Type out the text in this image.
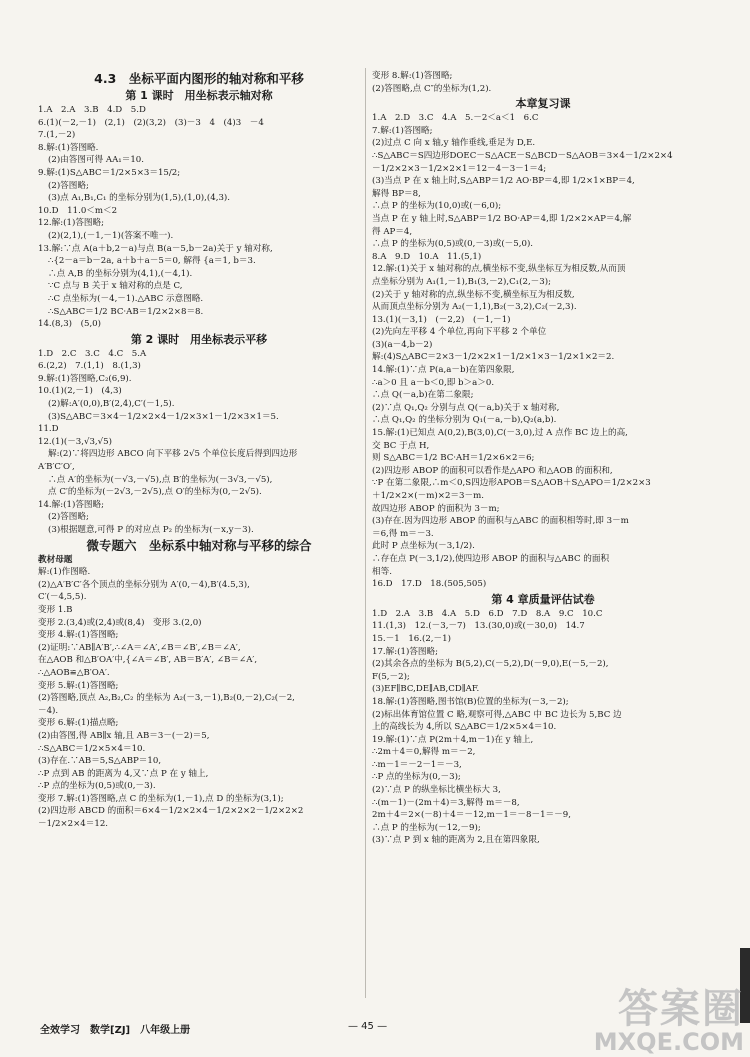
4.3　坐标平面内图形的轴对称和平移
第 1 课时　用坐标表示轴对称
1.A　2.A　3.B　4.D　5.D
6.(1)(－2,－1)　(2,1)　(2)(3,2)　(3)－3　4　(4)3　－4
7.(1,－2)
8.解:(1)答图略.
(2)由答图可得 AA₁＝10.
9.解:(1)S△ABC＝1/2×5×3＝15/2;
(2)答图略;
(3)点 A₁,B₁,C₁ 的坐标分别为(1,5),(1,0),(4,3).
10.D　11.0＜m＜2
12.解:(1)答图略;
(2)(2,1),(－1,－1)(答案不唯一).
13.解:∵点 A(a＋b,2－a)与点 B(a－5,b－2a)关于 y 轴对称,
∴{2－a＝b－2a, a＋b＋a－5＝0, 解得 {a＝1, b＝3.
∴点 A,B 的坐标分别为(4,1),(－4,1).
∵C 点与 B 关于 x 轴对称的点是 C,
∴C 点坐标为(－4,－1).△ABC 示意图略.
∴S△ABC＝1/2 BC·AB＝1/2×2×8＝8.
14.(8,3)　(5,0)
第 2 课时　用坐标表示平移
1.D　2.C　3.C　4.C　5.A
6.(2,2)　7.(1,1)　8.(1,3)
9.解:(1)答图略,C₂(6,9).
10.(1)(2,－1)　(4,3)
(2)解:A′(0,0),B′(2,4),C′(－1,5).
(3)S△ABC＝3×4－1/2×2×4－1/2×3×1－1/2×3×1＝5.
11.D
12.(1)(－3,√3,√5)
解:(2)∵将四边形 ABCO 向下平移 2√5 个单位长度后得到四边形
A′B′C′O′,
∴点 A′的坐标为(－√3,－√5),点 B′的坐标为(－3√3,－√5),
点 C′的坐标为(－2√3,－2√5),点 O′的坐标为(0,－2√5).
14.解:(1)答图略;
(2)答图略;
(3)根据题意,可得 P 的对应点 P₂ 的坐标为(－x,y－3).
微专题六　坐标系中轴对称与平移的综合
教材母题
解:(1)作图略.
(2)△A′B′C′各个顶点的坐标分别为 A′(0,－4),B′(4.5,3),
C′(－4,5,5).
变形 1.B
变形 2.(3,4)或(2,4)或(8,4)　变形 3.(2,0)
变形 4.解:(1)答图略;
(2)证明:∵AB∥A′B′,∴∠A＝∠A′,∠B＝∠B′,∠B＝∠A′,
在△AOB 和△B′OA′中,{∠A＝∠B′, AB＝B′A′, ∠B＝∠A′,
∴△AOB≌△B′OA′.
变形 5.解:(1)答图略;
(2)答图略,顶点 A₂,B₂,C₂ 的坐标为 A₂(－3,－1),B₂(0,－2),C₂(－2,
－4).
变形 6.解:(1)描点略;
(2)由答图,得 AB∥x 轴,且 AB＝3－(－2)＝5,
∴S△ABC＝1/2×5×4＝10.
(3)存在.∵AB＝5,S△ABP＝10,
∴P 点到 AB 的距离为 4,又∵点 P 在 y 轴上,
∴P 点的坐标为(0,5)或(0,－3).
变形 7.解:(1)答图略,点 C 的坐标为(1,－1),点 D 的坐标为(3,1);
(2)四边形 ABCD 的面积＝6×4－1/2×2×4－1/2×2×2－1/2×2×2
－1/2×2×4＝12.
变形 8.解:(1)答图略;
(2)答图略,点 C″的坐标为(1,2).
本章复习课
1.A　2.D　3.C　4.A　5.－2＜a＜1　6.C
7.解:(1)答图略;
(2)过点 C 向 x 轴,y 轴作垂线,垂足为 D,E.
∴S△ABC＝S四边形DOEC－S△ACE－S△BCD－S△AOB＝3×4－1/2×2×4
－1/2×2×3－1/2×2×1＝12－4－3－1＝4;
(3)当点 P 在 x 轴上时,S△ABP＝1/2 AO·BP＝4,即 1/2×1×BP＝4,
解得 BP＝8,
∴点 P 的坐标为(10,0)或(－6,0);
当点 P 在 y 轴上时,S△ABP＝1/2 BO·AP＝4,即 1/2×2×AP＝4,解
得 AP＝4,
∴点 P 的坐标为(0,5)或(0,－3)或(－5,0).
8.A　9.D　10.A　11.(5,1)
12.解:(1)关于 x 轴对称的点,横坐标不变,纵坐标互为相反数,从而顶
点坐标分别为 A₁(1,－1),B₁(3,－2),C₁(2,－3);
(2)关于 y 轴对称的点,纵坐标不变,横坐标互为相反数,
从而顶点坐标分别为 A₂(－1,1),B₂(－3,2),C₂(－2,3).
13.(1)(－3,1)　(－2,2)　(－1,－1)
(2)先向左平移 4 个单位,再向下平移 2 个单位
(3)(a－4,b－2)
解:(4)S△ABC＝2×3－1/2×2×1－1/2×1×3－1/2×1×2＝2.
14.解:(1)∵点 P(a,a－b)在第四象限,
∴a＞0 且 a－b＜0,即 b＞a＞0.
∴点 Q(－a,b)在第二象限;
(2)∵点 Q₁,Q₂ 分别与点 Q(－a,b)关于 x 轴对称,
∴点 Q₁,Q₂ 的坐标分别为 Q₁(－a,－b),Q₂(a,b).
15.解:(1)已知点 A(0,2),B(3,0),C(－3,0),过 A 点作 BC 边上的高,
交 BC 于点 H,
则 S△ABC＝1/2 BC·AH＝1/2×6×2＝6;
(2)四边形 ABOP 的面积可以看作是△APO 和△AOB 的面积和,
∵P 在第二象限,∴m＜0,S四边形APOB＝S△AOB＋S△APO＝1/2×2×3
＋1/2×2×(－m)×2＝3－m.
故四边形 ABOP 的面积为 3－m;
(3)存在.因为四边形 ABOP 的面积与△ABC 的面积相等时,即 3－m
＝6,得 m＝－3.
此时 P 点坐标为(－3,1/2).
∴存在点 P(－3,1/2),使四边形 ABOP 的面积与△ABC 的面积
相等.
16.D　17.D　18.(505,505)
第 4 章质量评估试卷
1.D　2.A　3.B　4.A　5.D　6.D　7.D　8.A　9.C　10.C
11.(1,3)　12.(－3,－7)　13.(30,0)或(－30,0)　14.7
15.－1　16.(2,－1)
17.解:(1)答图略;
(2)其余各点的坐标为 B(5,2),C(－5,2),D(－9,0),E(－5,－2),
F(5,－2);
(3)EF∥BC,DE∥AB,CD∥AF.
18.解:(1)答图略,图书馆(B)位置的坐标为(－3,－2);
(2)标出体育馆位置 C 略,观察可得,△ABC 中 BC 边长为 5,BC 边
上的高线长为 4,所以 S△ABC＝1/2×5×4＝10.
19.解:(1)∵点 P(2m＋4,m－1)在 y 轴上,
∴2m＋4＝0,解得 m＝－2,
∴m－1＝－2－1＝－3,
∴P 点的坐标为(0,－3);
(2)∵点 P 的纵坐标比横坐标大 3,
∴(m－1)－(2m＋4)＝3,解得 m＝－8,
2m＋4＝2×(－8)＋4＝－12,m－1＝－8－1＝－9,
∴点 P 的坐标为(－12,－9);
(3)∵点 P 到 x 轴的距离为 2,且在第四象限,
全效学习　数学[ZJ]　八年级上册	— 45 —	答案圈
MXQE.COM
